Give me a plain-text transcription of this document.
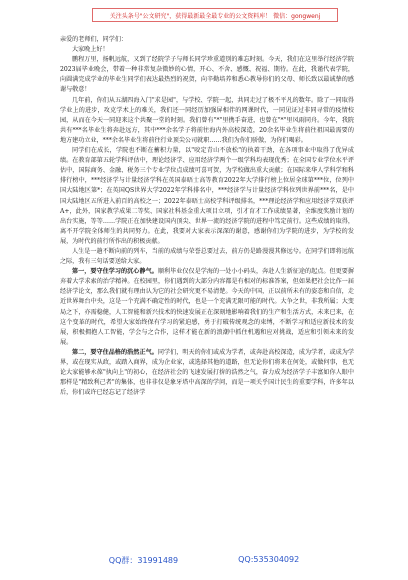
关注头条号"公文研究"，获得最新最全最专业的公文资料库！ 微信：gongwenj

亲爱的老师们，同学们：

大家晚上好！

鹏程万里，扬帆远航，又到了经院学子与师长同学珍重道别的难忘时刻。今天，我们在这里举行经济学院2023届毕业晚会，带着一种非常复杂微妙的心情，开心、不舍、感慨、祝福、期待。在此，我谨代表学院，向圆满完成学业的毕业生同学们表达最热烈的祝贺，向辛勤培养和悉心教导你们的父母、师长致以最诚挚的感谢与敬意！

几年前，你们从五湖四海入门"求是园"，与学校、学院一起，共同走过了极不平凡的数年。除了一同取得学业上的进步，攻克学术上的难关，我们还一同经历加强屏相伴的网课时代，一同见证过非同寻常的疫情校园，从而在今天一同迎来这个共聚一堂的时刻。我们曾有"*"里携手奋进，也曾在"*"里风雨同舟。今年，我院共有***名毕业生将奔赴远方，其中***余名学子将前往海内外高校深造，20余名毕业生将前往祖国最需要的地方建功立业，***余名毕业生将前往行业顶尖公司就职……我们为你们骄傲，为你们喝彩。

同学们在成长，学院也不断在蓄积力量，以"咬定青山不放松"的执着干劲，在各项事业中取得了优异成绩。在教育部第五轮学科评估中，理论经济学、应用经济学两个一级学科均表现优秀；在全国专业学位水平评估中，国际商务、金融、税务三个专业学位点成绩可喜可贺，为学校做出重大贡献；在国际来华人学科学和科排行榜中，***经济学与计量经济学科在英国泰晤士高等教育2022年大学排行榜上位居全球第***位，位列中国大陆地区第*；在英国QS世界大学2022年学科排名中，***经济学与计量经济学科位列世界前***名，是中国大陆地区五所进入前百的高校之一；2022年泰晤士高校学科评级排名，***理论经济学和应用经济学双获评A+，此外，国家教学成果二等奖、国家社科基金重大项目立项，引才育才工作成绩显著，全维度奖励计划的出台实施，等等……学院正在加快建设国内顶尖、世界一流的经济学院的进程中笃定前行。这些成绩的取得，离不开学院全体师生的共同努力。在此，我要对大家表示深深的谢意，感谢你们为学院的进步，为学校的发展，为时代的前行所作出的积极贡献。

人生是一趟不断向前的列车，当前的成绩与荣誉总要过去，前方仍是路漫漫其修远兮。在同学们即将远航之际，我有三句话要送给大家。

第一，要守住学习的沉心静气。顺利毕业仅仅是学海的一处小小码头，奔赴人生新征途的起点。但更要摒弃着大学求索的治学精神。在校园里，你们遇到的大部分内容都是有相对的标准答案，但如果把社会比作一届经济学论文，那么我们就有理由认为它的社会研究更不易清楚。今天的中国，正以前所未有的姿态和自信，走近世界舞台中央，这是一个充满不确定性的时代，也是一个充满无限可能的时代。大争之世，非我所属；大变局之下，亦需稳健，人工智能和新兴技术的快速发展正在深刻地影响着我们的生产和生活方式，未来已来，在这个变革的时代，希望大家始终保有学习的紧迫感，勇于打破传统观念的束缚，不断学习和适应新技术的发展，积极拥抱人工智能，学会与之合作，这样才能在新的浪潮中抓住机遇和应对挑战，适应和引领未来的发展。

第二，要守住品格的浩然正气。同学们，明天的你们或成为学者，或奔赴高校深造，成为学者，或成为学界，或在现实从政，或踏入商界，成为企业家，或选择其他的道路，但无论你们将来在何处，或做何事，也无论大家能够永葆"执向上"的初心，在经济社会的飞速发展打拚的浩然之气，奋力成为经济学子丰富如你人眼中那样是"精致利己者"的集体，也非非仅是象牙塔中高深的学问，而是一项关乎国计民生的重要学科，许多年以后，你们或许已经忘记了经济学

QQ群：31991489	QQ:535304092
